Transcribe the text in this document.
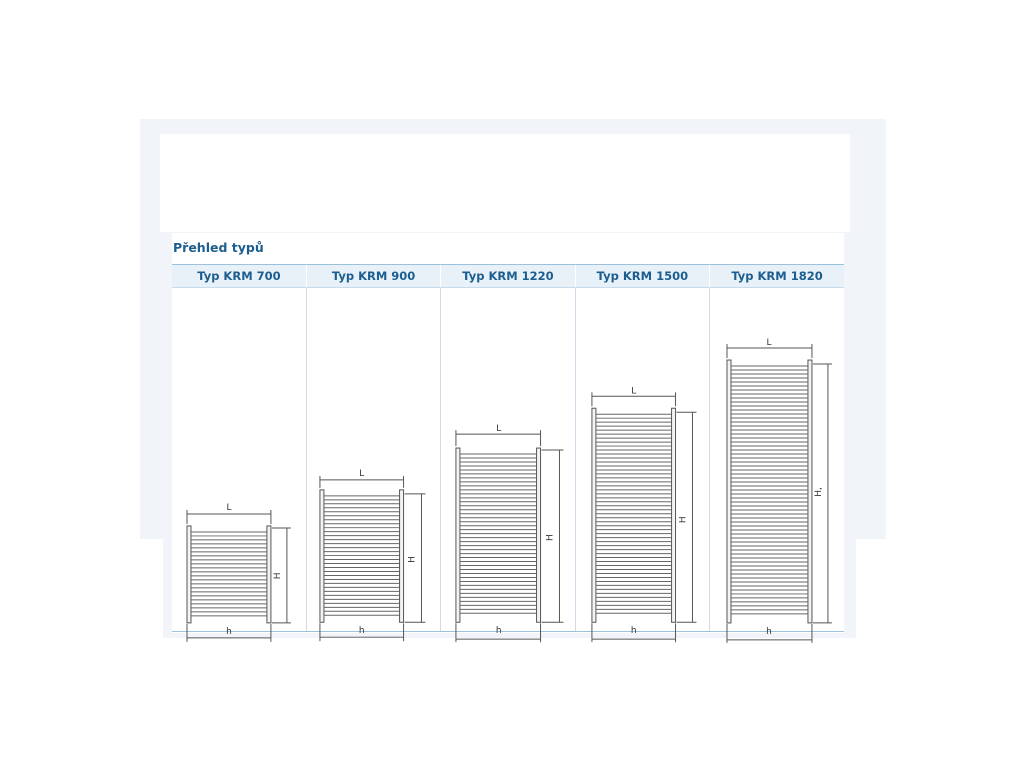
Přehled typů
Typ KRM 700	Typ KRM 900	Typ KRM 1220	Typ KRM 1500	Typ KRM 1820

L
H
h	L
H
h	L
H
h	L
H
h	L
H,
h
